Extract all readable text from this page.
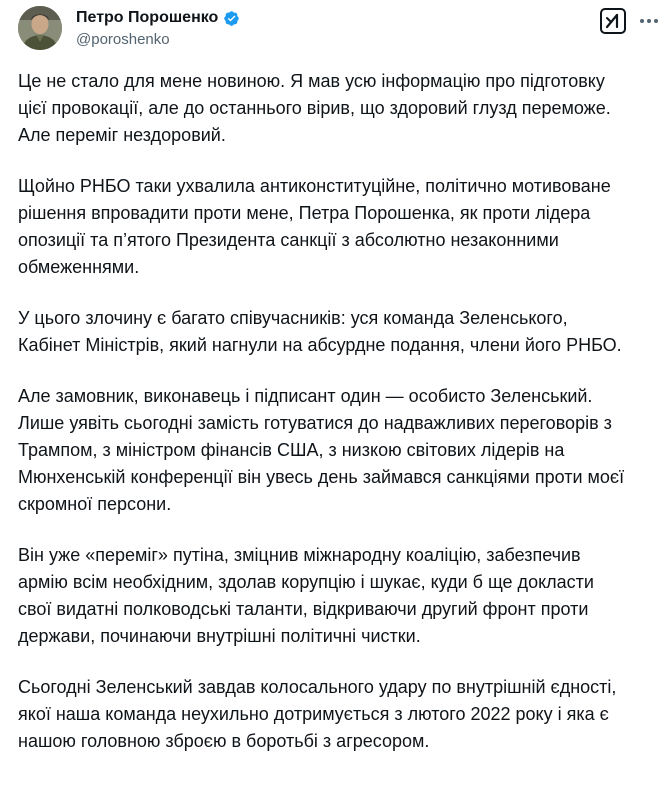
Петро Порошенко
@poroshenko
Це не стало для мене новиною. Я мав усю інформацію про підготовку
цієї провокації, але до останнього вірив, що здоровий глузд переможе.
Але переміг нездоровий.
Щойно РНБО таки ухвалила антиконституційне, політично мотивоване
рішення впровадити проти мене, Петра Порошенка, як проти лідера
опозиції та п’ятого Президента санкції з абсолютно незаконними
обмеженнями.
У цього злочину є багато співучасників: уся команда Зеленського,
Кабінет Міністрів, який нагнули на абсурдне подання, члени його РНБО.
Але замовник, виконавець і підписант один — особисто Зеленський.
Лише уявіть сьогодні замість готуватися до надважливих переговорів з
Трампом, з міністром фінансів США, з низкою світових лідерів на
Мюнхенській конференції він увесь день займався санкціями проти моєї
скромної персони.
Він уже «переміг» путіна, зміцнив міжнародну коаліцію, забезпечив
армію всім необхідним, здолав корупцію і шукає, куди б ще докласти
свої видатні полководські таланти, відкриваючи другий фронт проти
держави, починаючи внутрішні політичні чистки.
Сьогодні Зеленський завдав колосального удару по внутрішній єдності,
якої наша команда неухильно дотримується з лютого 2022 року і яка є
нашою головною зброєю в боротьбі з агресором.
